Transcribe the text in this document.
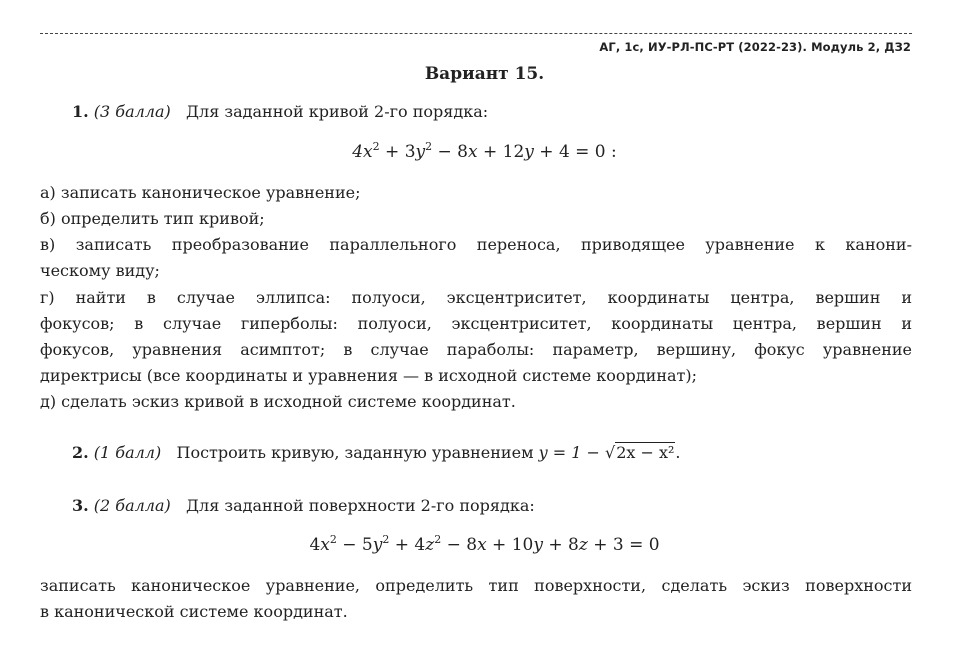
АГ, 1с, ИУ-РЛ-ПС-РТ (2022-23). Модуль 2, ДЗ2
Вариант 15.
1. (3 балла) Для заданной кривой 2-го порядка:
$4x^2 + 3y^2 - 8x + 12y + 4 = 0$ :
а) записать каноническое уравнение;
б) определить тип кривой;
в) записать преобразование параллельного переноса, приводящее уравнение к канони-
ческому виду;
г) найти в случае эллипса: полуоси, эксцентриситет, координаты центра, вершин и
фокусов; в случае гиперболы: полуоси, эксцентриситет, координаты центра, вершин и
фокусов, уравнения асимптот; в случае параболы: параметр, вершину, фокус уравнение
директрисы (все координаты и уравнения — в исходной системе координат);
д) сделать эскиз кривой в исходной системе координат.
2. (1 балл) Построить кривую, заданную уравнением y = 1 − √2x − x².
3. (2 балла) Для заданной поверхности 2-го порядка:
$4x^2 - 5y^2 + 4z^2 - 8x + 10y + 8z + 3 = 0$
записать каноническое уравнение, определить тип поверхности, сделать эскиз поверхности
в канонической системе координат.
